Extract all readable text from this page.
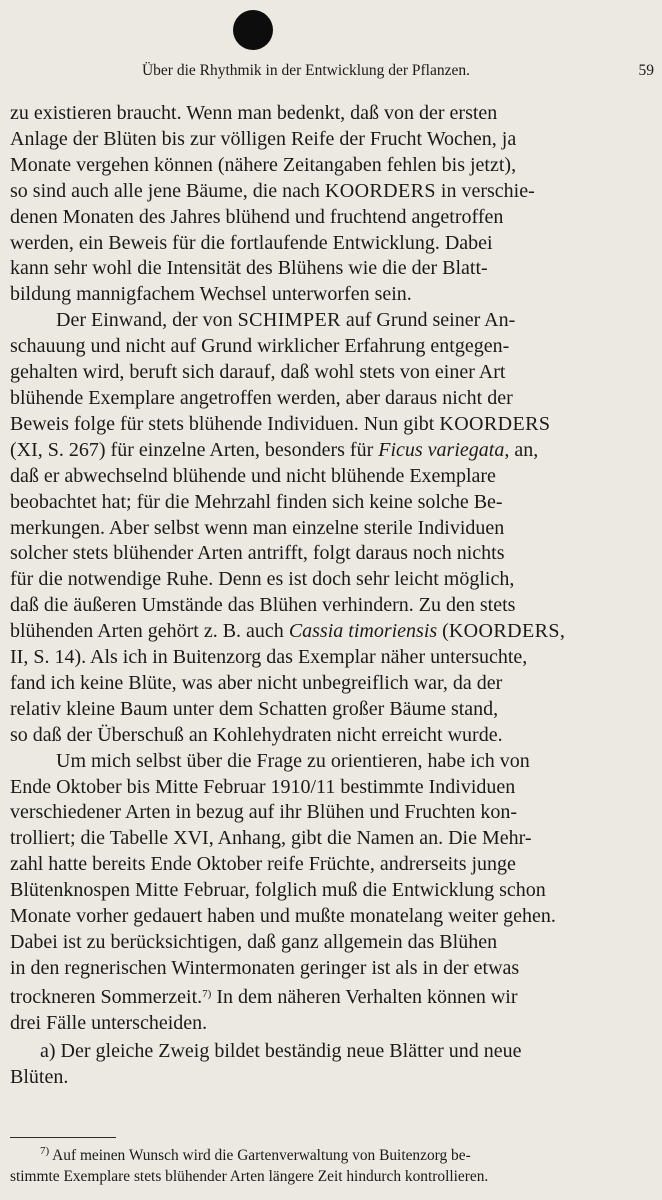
Über die Rhythmik in der Entwicklung der Pflanzen.	59
zu existieren braucht. Wenn man bedenkt, daß von der ersten
Anlage der Blüten bis zur völligen Reife der Frucht Wochen, ja
Monate vergehen können (nähere Zeitangaben fehlen bis jetzt),
so sind auch alle jene Bäume, die nach KOORDERS in verschie-
denen Monaten des Jahres blühend und fruchtend angetroffen
werden, ein Beweis für die fortlaufende Entwicklung. Dabei
kann sehr wohl die Intensität des Blühens wie die der Blatt-
bildung mannigfachem Wechsel unterworfen sein.
Der Einwand, der von SCHIMPER auf Grund seiner An-
schauung und nicht auf Grund wirklicher Erfahrung entgegen-
gehalten wird, beruft sich darauf, daß wohl stets von einer Art
blühende Exemplare angetroffen werden, aber daraus nicht der
Beweis folge für stets blühende Individuen. Nun gibt KOORDERS
(XI, S. 267) für einzelne Arten, besonders für Ficus variegata, an,
daß er abwechselnd blühende und nicht blühende Exemplare
beobachtet hat; für die Mehrzahl finden sich keine solche Be-
merkungen. Aber selbst wenn man einzelne sterile Individuen
solcher stets blühender Arten antrifft, folgt daraus noch nichts
für die notwendige Ruhe. Denn es ist doch sehr leicht möglich,
daß die äußeren Umstände das Blühen verhindern. Zu den stets
blühenden Arten gehört z. B. auch Cassia timoriensis (KOORDERS,
II, S. 14). Als ich in Buitenzorg das Exemplar näher untersuchte,
fand ich keine Blüte, was aber nicht unbegreiflich war, da der
relativ kleine Baum unter dem Schatten großer Bäume stand,
so daß der Überschuß an Kohlehydraten nicht erreicht wurde.
Um mich selbst über die Frage zu orientieren, habe ich von
Ende Oktober bis Mitte Februar 1910/11 bestimmte Individuen
verschiedener Arten in bezug auf ihr Blühen und Fruchten kon-
trolliert; die Tabelle XVI, Anhang, gibt die Namen an. Die Mehr-
zahl hatte bereits Ende Oktober reife Früchte, andrerseits junge
Blütenknospen Mitte Februar, folglich muß die Entwicklung schon
Monate vorher gedauert haben und mußte monatelang weiter gehen.
Dabei ist zu berücksichtigen, daß ganz allgemein das Blühen
in den regnerischen Wintermonaten geringer ist als in der etwas
trockneren Sommerzeit.$^{7)}$ In dem näheren Verhalten können wir
drei Fälle unterscheiden.
a) Der gleiche Zweig bildet beständig neue Blätter und neue
Blüten.
$^{7)}$ Auf meinen Wunsch wird die Gartenverwaltung von Buitenzorg be-
stimmte Exemplare stets blühender Arten längere Zeit hindurch kontrollieren.
